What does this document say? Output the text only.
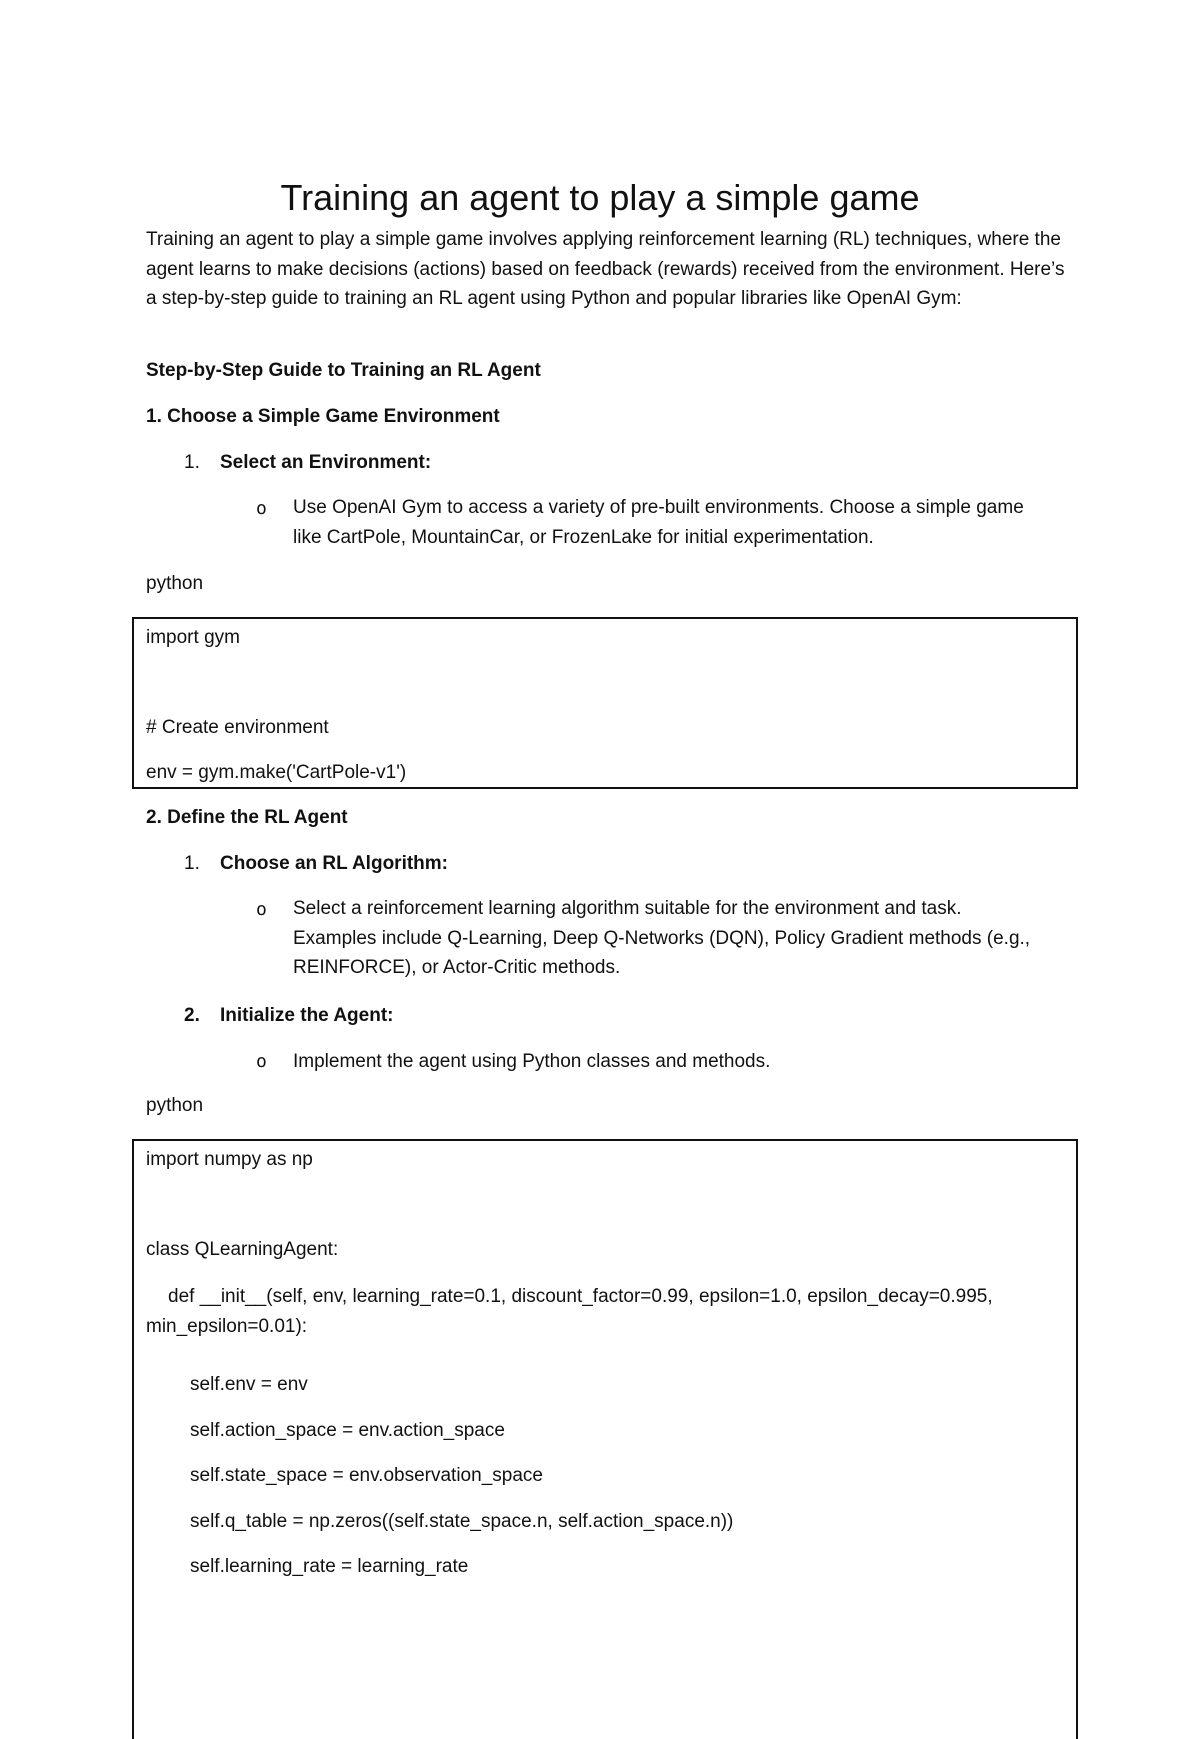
Training an agent to play a simple game

Training an agent to play a simple game involves applying reinforcement learning (RL) techniques, where the agent learns to make decisions (actions) based on feedback (rewards) received from the environment. Here’s a step-by-step guide to training an RL agent using Python and popular libraries like OpenAI Gym:

Step-by-Step Guide to Training an RL Agent
1. Choose a Simple Game Environment
1. Select an Environment:
o Use OpenAI Gym to access a variety of pre-built environments. Choose a simple game like CartPole, MountainCar, or FrozenLake for initial experimentation.

python
import gym
# Create environment
env = gym.make('CartPole-v1')
2. Define the RL Agent
1. Choose an RL Algorithm:
o Select a reinforcement learning algorithm suitable for the environment and task. Examples include Q-Learning, Deep Q-Networks (DQN), Policy Gradient methods (e.g., REINFORCE), or Actor-Critic methods.

2. Initialize the Agent:
o Implement the agent using Python classes and methods.
python
import numpy as np
class QLearningAgent:
def __init__(self, env, learning_rate=0.1, discount_factor=0.99, epsilon=1.0, epsilon_decay=0.995, min_epsilon=0.01):
self.env = env
self.action_space = env.action_space
self.state_space = env.observation_space
self.q_table = np.zeros((self.state_space.n, self.action_space.n))
self.learning_rate = learning_rate
